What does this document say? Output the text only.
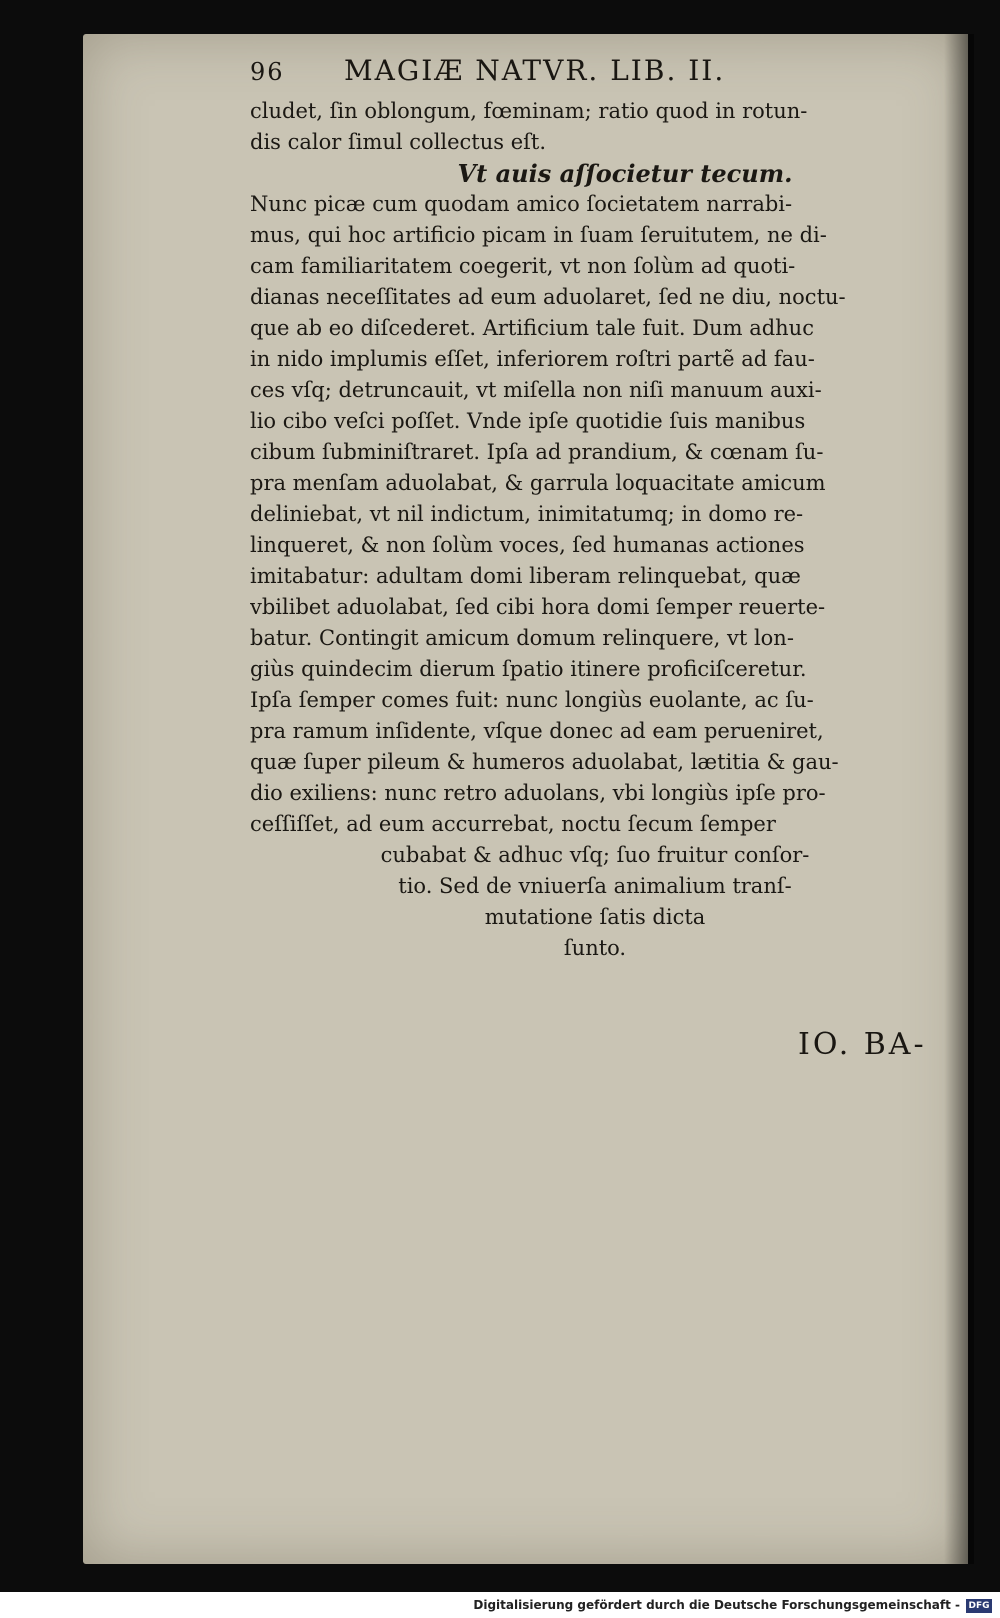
96 MAGIÆ NATVR. LIB. II.
cludet, ſin oblongum, fœminam; ratio quod in rotun-
dis calor ſimul collectus eſt.
Vt auis aſſocietur tecum.
Nunc picæ cum quodam amico ſocietatem narrabi-
mus, qui hoc artificio picam in ſuam ſeruitutem, ne di-
cam familiaritatem coegerit, vt non ſolùm ad quoti-
dianas neceſſitates ad eum aduolaret, ſed ne diu, noctu-
que ab eo diſcederet. Artificium tale fuit. Dum adhuc
in nido implumis eſſet, inferiorem roſtri partẽ ad fau-
ces vſq; detruncauit, vt miſella non niſi manuum auxi-
lio cibo veſci poſſet. Vnde ipſe quotidie ſuis manibus
cibum ſubminiſtraret. Ipſa ad prandium, & cœnam ſu-
pra menſam aduolabat, & garrula loquacitate amicum
deliniebat, vt nil indictum, inimitatumq; in domo re-
linqueret, & non ſolùm voces, ſed humanas actiones
imitabatur: adultam domi liberam relinquebat, quæ
vbilibet aduolabat, ſed cibi hora domi ſemper reuerte-
batur. Contingit amicum domum relinquere, vt lon-
giùs quindecim dierum ſpatio itinere proficiſceretur.
Ipſa ſemper comes fuit: nunc longiùs euolante, ac ſu-
pra ramum inſidente, vſque donec ad eam perueniret,
quæ ſuper pileum & humeros aduolabat, lætitia & gau-
dio exiliens: nunc retro aduolans, vbi longiùs ipſe pro-
ceſſiſſet, ad eum accurrebat, noctu ſecum ſemper
cubabat & adhuc vſq; ſuo fruitur conſor-
tio. Sed de vniuerſa animalium tranſ-
mutatione ſatis dicta
ſunto.
IO. BA-
Digitalisierung gefördert durch die Deutsche Forschungsgemeinschaft - DFG
